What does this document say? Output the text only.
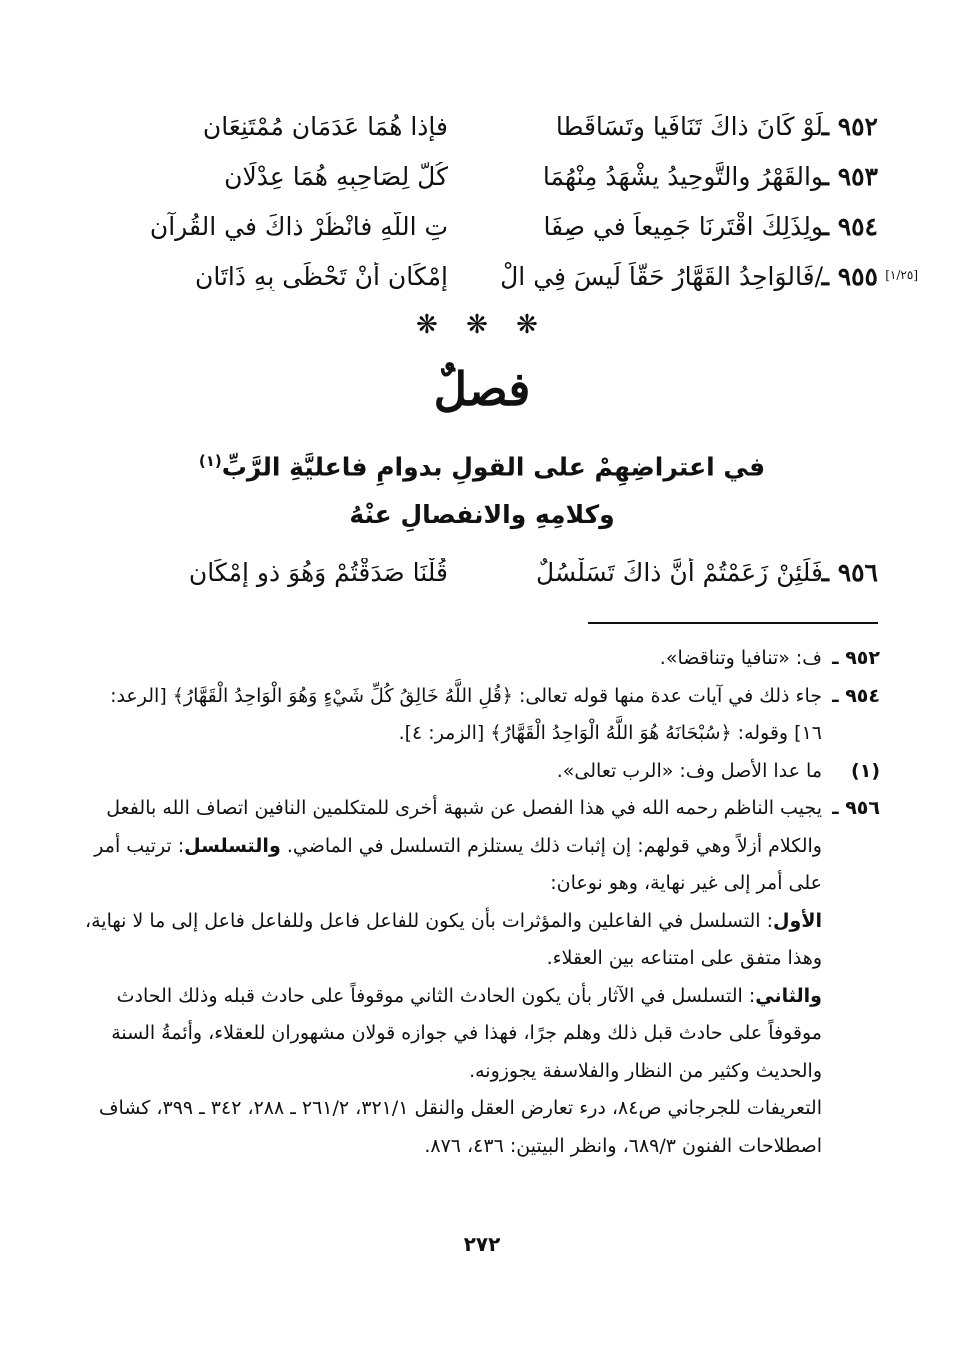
٩٥٢ ـ
لَوْ كَانَ ذاكَ تَنَافَيا وتَسَاقَطا
فإذا هُمَا عَدَمَانِ مُمْتَنِعَانِ
٩٥٣ ـ
والقَهْرُ والتَّوحِيدُ يشْهَدُ مِنْهُمَا
كُلٌّ لِصَاحِبِهِ هُمَا عِدْلَانِ
٩٥٤ ـ
ولِذَلِكَ اقْتَرنَا جَمِيعاً في صِفَا
تِ اللَّهِ فانْظُرْ ذاكَ في القُرآنِ
[١/٢٥]
٩٥٥ ـ
/فَالوَاحِدُ القَهَّارُ حَقّاً لَيسَ فِي الْ
إمْكَانِ أنْ تَحْظَى بِهِ ذَاتَانِ
❋ ❋ ❋
فصلٌ
في اعتراضِهِمْ على القولِ بدوامِ فاعليَّةِ الرَّبِّ$^{(١)}$
وكلامِهِ والانفصالِ عنْهُ
٩٥٦ ـ
فَلَئِنْ زَعَمْتُمْ أنَّ ذاكَ تَسَلْسُلٌ
قُلْنَا صَدَقْتُمْ وَهُوَ ذو إمْكَانِ
٩٥٢ ـ

ف: «تنافيا وتناقضا».

٩٥٤ ـ

جاء ذلك في آيات عدة منها قوله تعالى: ﴿قُلِ اللَّهُ خَالِقُ كُلِّ شَيْءٍ وَهُوَ الْوَاحِدُ الْقَهَّارُ﴾ [الرعد: ١٦] وقوله: ﴿سُبْحَانَهُ هُوَ اللَّهُ الْوَاحِدُ الْقَهَّارُ﴾ [الزمر: ٤].

(١)

ما عدا الأصل وف: «الرب تعالى».

٩٥٦ ـ

يجيب الناظم رحمه الله في هذا الفصل عن شبهة أخرى للمتكلمين النافين اتصاف الله بالفعل والكلام أزلاً وهي قولهم: إن إثبات ذلك يستلزم التسلسل في الماضي. والتسلسل: ترتيب أمر على أمر إلى غير نهاية، وهو نوعان:

الأول: التسلسل في الفاعلين والمؤثرات بأن يكون للفاعل فاعل وللفاعل فاعل إلى ما لا نهاية، وهذا متفق على امتناعه بين العقلاء.

والثاني: التسلسل في الآثار بأن يكون الحادث الثاني موقوفاً على حادث قبله وذلك الحادث موقوفاً على حادث قبل ذلك وهلم جرًا، فهذا في جوازه قولان مشهوران للعقلاء، وأئمةُ السنة والحديث وكثير من النظار والفلاسفة يجوزونه.

التعريفات للجرجاني ص٨٤، درء تعارض العقل والنقل ٣٢١/١، ٢٦١/٢ ـ ٢٨٨، ٣٤٢ ـ ٣٩٩، كشاف اصطلاحات الفنون ٦٨٩/٣، وانظر البيتين: ٤٣٦، ٨٧٦.

٢٧٢
